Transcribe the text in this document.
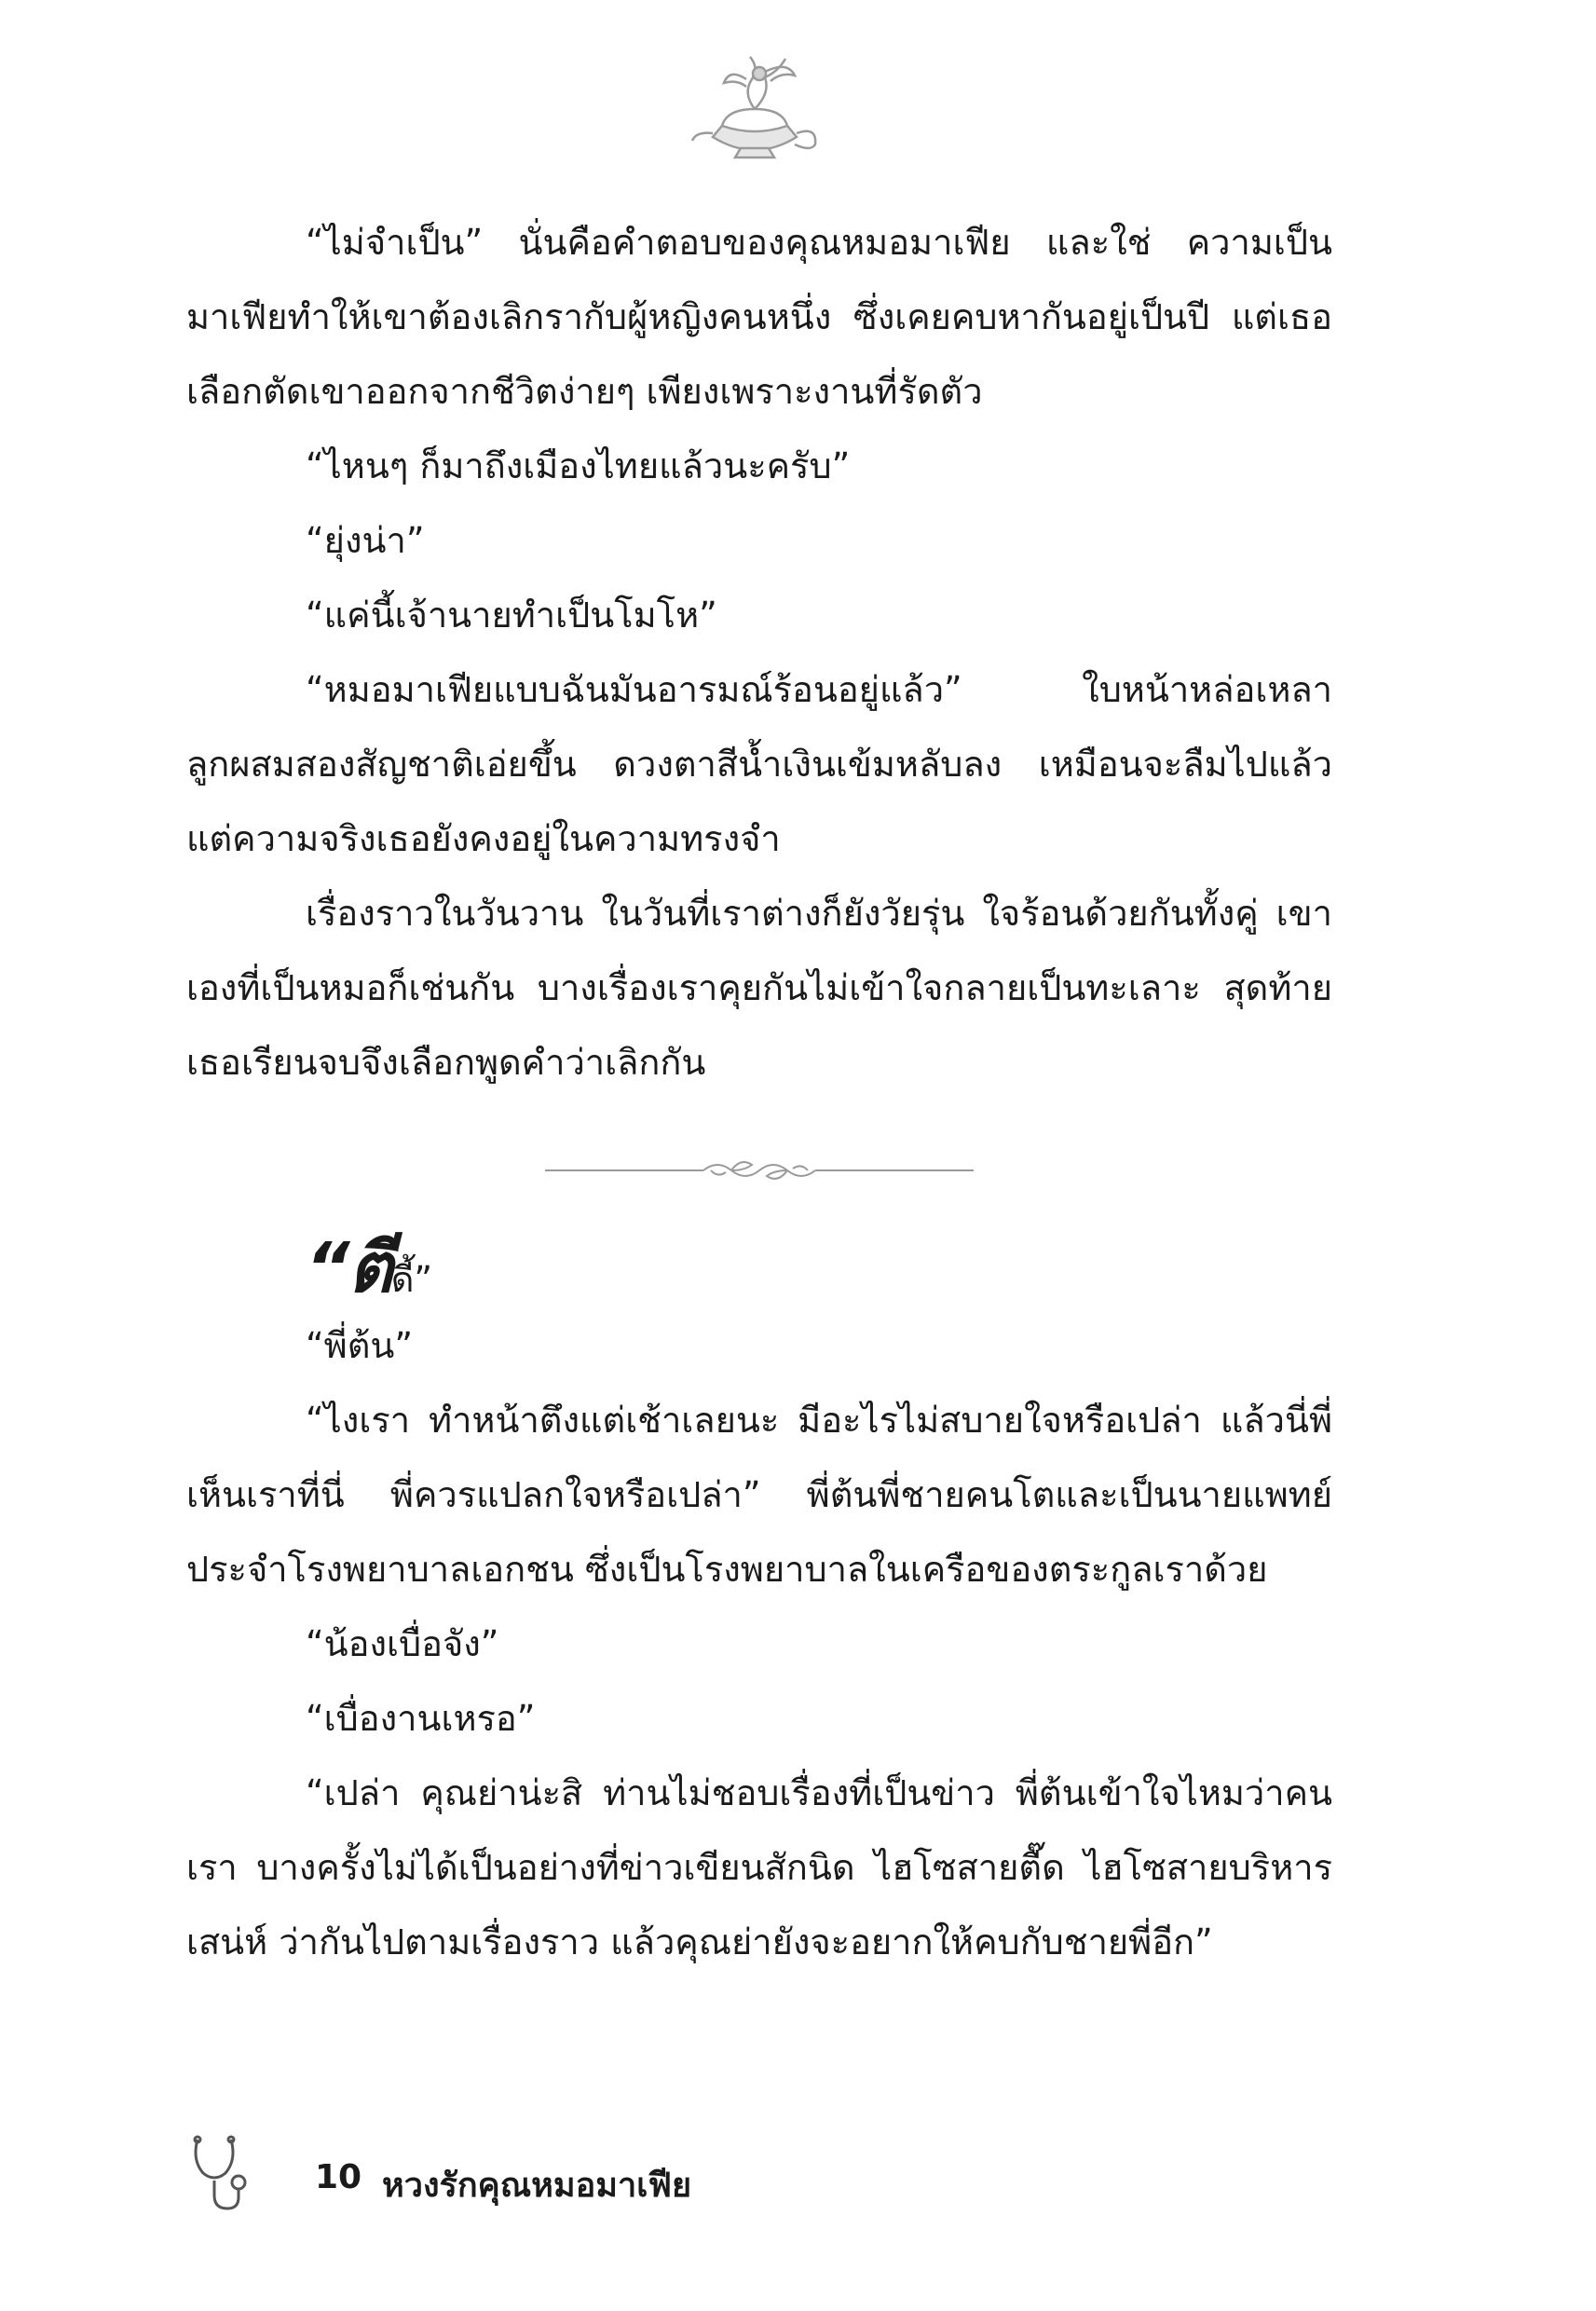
“ไม่จำเป็น” นั่นคือคำตอบของคุณหมอมาเฟีย และใช่ ความเป็นมาเฟียทำให้เขาต้องเลิกรากับผู้หญิงคนหนึ่ง ซึ่งเคยคบหากันอยู่เป็นปี แต่เธอเลือกตัดเขาออกจากชีวิตง่ายๆ เพียงเพราะงานที่รัดตัว

“ไหนๆ ก็มาถึงเมืองไทยแล้วนะครับ”

“ยุ่งน่า”

“แค่นี้เจ้านายทำเป็นโมโห”

“หมอมาเฟียแบบฉันมันอารมณ์ร้อนอยู่แล้ว” ใบหน้าหล่อเหลาลูกผสมสองสัญชาติเอ่ยขึ้น ดวงตาสีน้ำเงินเข้มหลับลง เหมือนจะลืมไปแล้ว แต่ความจริงเธอยังคงอยู่ในความทรงจำ

เรื่องราวในวันวาน ในวันที่เราต่างก็ยังวัยรุ่น ใจร้อนด้วยกันทั้งคู่ เขาเองที่เป็นหมอก็เช่นกัน บางเรื่องเราคุยกันไม่เข้าใจกลายเป็นทะเลาะ สุดท้ายเธอเรียนจบจึงเลือกพูดคำว่าเลิกกัน

“ตีดี้”

“พี่ต้น”

“ไงเรา ทำหน้าตึงแต่เช้าเลยนะ มีอะไรไม่สบายใจหรือเปล่า แล้วนี่พี่เห็นเราที่นี่ พี่ควรแปลกใจหรือเปล่า” พี่ต้นพี่ชายคนโตและเป็นนายแพทย์ประจำโรงพยาบาลเอกชน ซึ่งเป็นโรงพยาบาลในเครือของตระกูลเราด้วย

“น้องเบื่อจัง”

“เบื่องานเหรอ”

“เปล่า คุณย่าน่ะสิ ท่านไม่ชอบเรื่องที่เป็นข่าว พี่ต้นเข้าใจไหมว่าคนเรา บางครั้งไม่ได้เป็นอย่างที่ข่าวเขียนสักนิด ไฮโซสายตื๊ด ไฮโซสายบริหารเสน่ห์ ว่ากันไปตามเรื่องราว แล้วคุณย่ายังจะอยากให้คบกับชายพี่อีก”

10 หวงรักคุณหมอมาเฟีย
